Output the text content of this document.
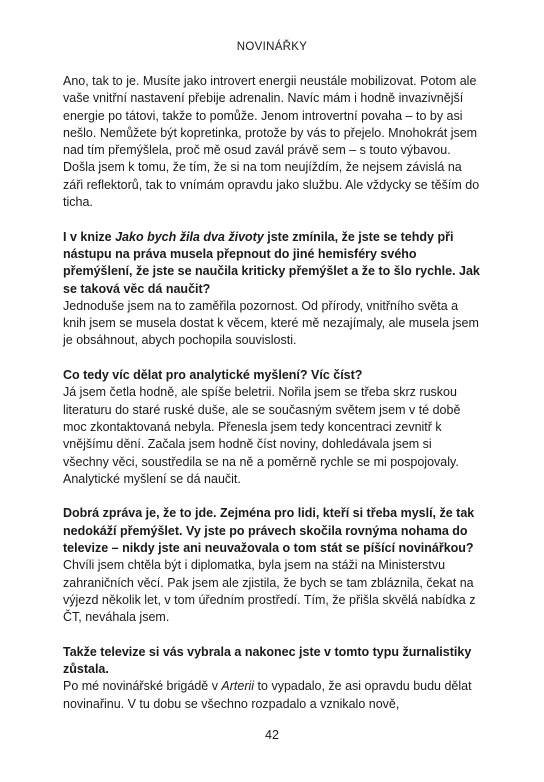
NOVINÁŘKY

Ano, tak to je. Musíte jako introvert energii neustále mobilizovat. Potom ale vaše vnitřní nastavení přebije adrenalin. Navíc mám i hodně invazivnější energie po tátovi, takže to pomůže. Jenom introvertní povaha – to by asi nešlo. Nemůžete být kopretinka, protože by vás to přejelo. Mnohokrát jsem nad tím přemýšlela, proč mě osud zavál právě sem – s touto výbavou. Došla jsem k tomu, že tím, že si na tom neujíždím, že nejsem závislá na záři reflektorů, tak to vnímám opravdu jako službu. Ale vždycky se těším do ticha.

I v knize Jako bych žila dva životy jste zmínila, že jste se tehdy při nástupu na práva musela přepnout do jiné hemisféry svého přemýšlení, že jste se naučila kriticky přemýšlet a že to šlo rychle. Jak se taková věc dá naučit?

Jednoduše jsem na to zaměřila pozornost. Od přírody, vnitřního světa a knih jsem se musela dostat k věcem, které mě nezajímaly, ale musela jsem je obsáhnout, abych pochopila souvislosti.

Co tedy víc dělat pro analytické myšlení? Víc číst?

Já jsem četla hodně, ale spíše beletrii. Nořila jsem se třeba skrz ruskou literaturu do staré ruské duše, ale se současným světem jsem v té době moc zkontaktovaná nebyla. Přenesla jsem tedy koncentraci zevnitř k vnějšímu dění. Začala jsem hodně číst noviny, dohledávala jsem si všechny věci, soustředila se na ně a poměrně rychle se mi pospojovaly. Analytické myšlení se dá naučit.

Dobrá zpráva je, že to jde. Zejména pro lidi, kteří si třeba myslí, že tak nedokáží přemýšlet. Vy jste po právech skočila rovnýma nohama do televize – nikdy jste ani neuvažovala o tom stát se píšící novinářkou?

Chvíli jsem chtěla být i diplomatka, byla jsem na stáži na Ministerstvu zahraničních věcí. Pak jsem ale zjistila, že bych se tam zbláznila, čekat na výjezd několik let, v tom úředním prostředí. Tím, že přišla skvělá nabídka z ČT, neváhala jsem.

Takže televize si vás vybrala a nakonec jste v tomto typu žurnalistiky zůstala.

Po mé novinářské brigádě v Arterii to vypadalo, že asi opravdu budu dělat novinařinu. V tu dobu se všechno rozpadalo a vznikalo nově,

42
